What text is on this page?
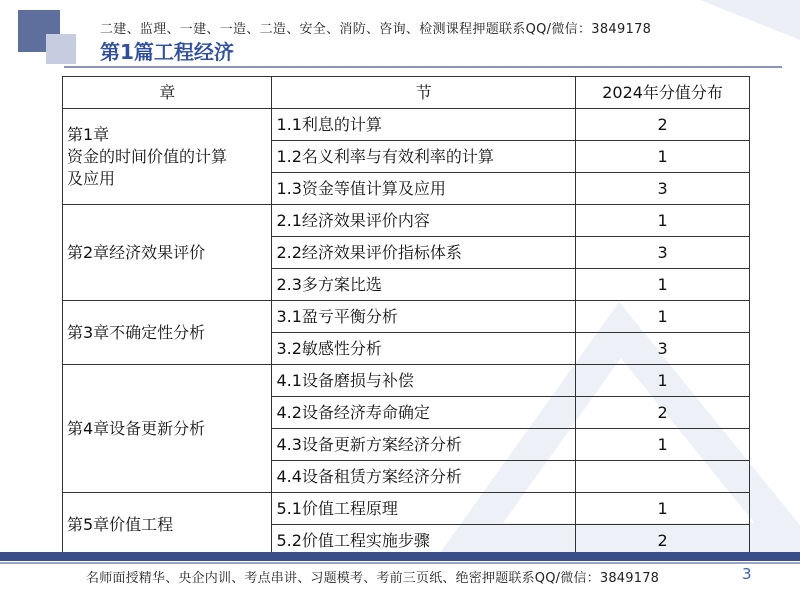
二建、监理、一建、一造、二造、安全、消防、咨询、检测课程押题联系QQ/微信：3849178
第1篇工程经济
章	节	2024年分值分布

第1章
资金的时间价值的计算
及应用	1.1利息的计算	2
	1.2名义利率与有效利率的计算	1
	1.3资金等值计算及应用	3
第2章经济效果评价	2.1经济效果评价内容	1
	2.2经济效果评价指标体系	3
	2.3多方案比选	1
第3章不确定性分析	3.1盈亏平衡分析	1
	3.2敏感性分析	3
第4章设备更新分析	4.1设备磨损与补偿	1
	4.2设备经济寿命确定	2
	4.3设备更新方案经济分析	1
	4.4设备租赁方案经济分析	
第5章价值工程	5.1价值工程原理	1
	5.2价值工程实施步骤	2
名师面授精华、央企内训、考点串讲、习题模考、考前三页纸、绝密押题联系QQ/微信：3849178	3
